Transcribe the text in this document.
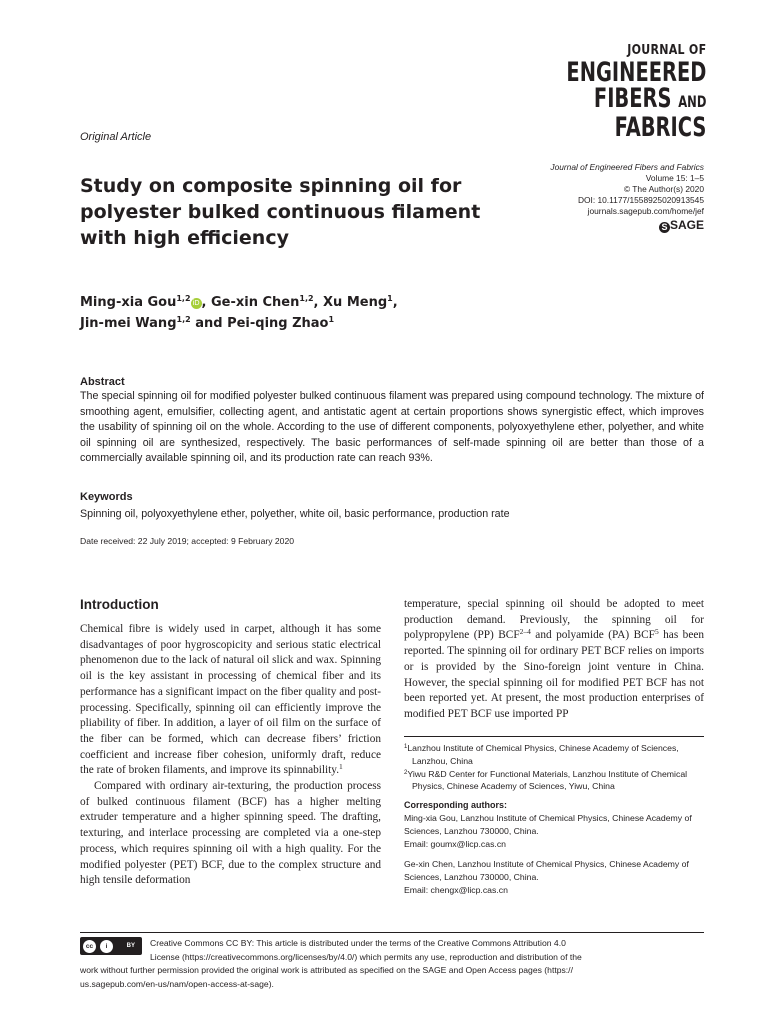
JOURNAL OF
ENGINEERED
FIBERS AND
FABRICS
Original Article
Journal of Engineered Fibers and Fabrics
Volume 15: 1–5
© The Author(s) 2020
DOI: 10.1177/1558925020913545
journals.sagepub.com/home/jef
S SAGE
Study on composite spinning oil for polyester bulked continuous filament with high efficiency
Ming-xia Gou$^{1,2}$ iD , Ge-xin Chen$^{1,2}$, Xu Meng$^1$,
Jin-mei Wang$^{1,2}$ and Pei-qing Zhao$^1$
Abstract
The special spinning oil for modified polyester bulked continuous filament was prepared using compound technology. The mixture of smoothing agent, emulsifier, collecting agent, and antistatic agent at certain proportions shows synergistic effect, which improves the usability of spinning oil on the whole. According to the use of different components, polyoxyethylene ether, polyether, and white oil spinning oil are synthesized, respectively. The basic performances of self-made spinning oil are better than those of a commercially available spinning oil, and its production rate can reach 93%.
Keywords
Spinning oil, polyoxyethylene ether, polyether, white oil, basic performance, production rate
Date received: 22 July 2019; accepted: 9 February 2020
Introduction

Chemical fibre is widely used in carpet, although it has some disadvantages of poor hygroscopicity and serious static electrical phenomenon due to the lack of natural oil slick and wax. Spinning oil is the key assistant in processing of chemical fiber and its performance has a significant impact on the fiber quality and post-processing. Specifically, spinning oil can efficiently improve the pliability of fiber. In addition, a layer of oil film on the surface of the fiber can be formed, which can decrease fibers’ friction coefficient and increase fiber cohesion, uniformly draft, reduce the rate of broken filaments, and improve its spinnability.$^1$

Compared with ordinary air-texturing, the production process of bulked continuous filament (BCF) has a higher melting extruder temperature and a higher spinning speed. The drafting, texturing, and interlace processing are completed via a one-step process, which requires spinning oil with a high quality. For the modified polyester (PET) BCF, due to the complex structure and high tensile deformation

temperature, special spinning oil should be adopted to meet production demand. Previously, the spinning oil for polypropylene (PP) BCF$^{2-4}$ and polyamide (PA) BCF$^5$ has been reported. The spinning oil for ordinary PET BCF relies on imports or is provided by the Sino-foreign joint venture in China. However, the special spinning oil for modified PET BCF has not been reported yet. At present, the most production enterprises of modified PET BCF use imported PP

$^1$Lanzhou Institute of Chemical Physics, Chinese Academy of Sciences, Lanzhou, China
$^2$Yiwu R&D Center for Functional Materials, Lanzhou Institute of Chemical Physics, Chinese Academy of Sciences, Yiwu, China
Corresponding authors:
Ming-xia Gou, Lanzhou Institute of Chemical Physics, Chinese Academy of Sciences, Lanzhou 730000, China.
Email: goumx@licp.cas.cn
Ge-xin Chen, Lanzhou Institute of Chemical Physics, Chinese Academy of Sciences, Lanzhou 730000, China.
Email: chengx@licp.cas.cn
cc	i	BY	Creative Commons CC BY: This article is distributed under the terms of the Creative Commons Attribution 4.0
License (https://creativecommons.org/licenses/by/4.0/) which permits any use, reproduction and distribution of the
work without further permission provided the original work is attributed as specified on the SAGE and Open Access pages (https://
us.sagepub.com/en-us/nam/open-access-at-sage).
